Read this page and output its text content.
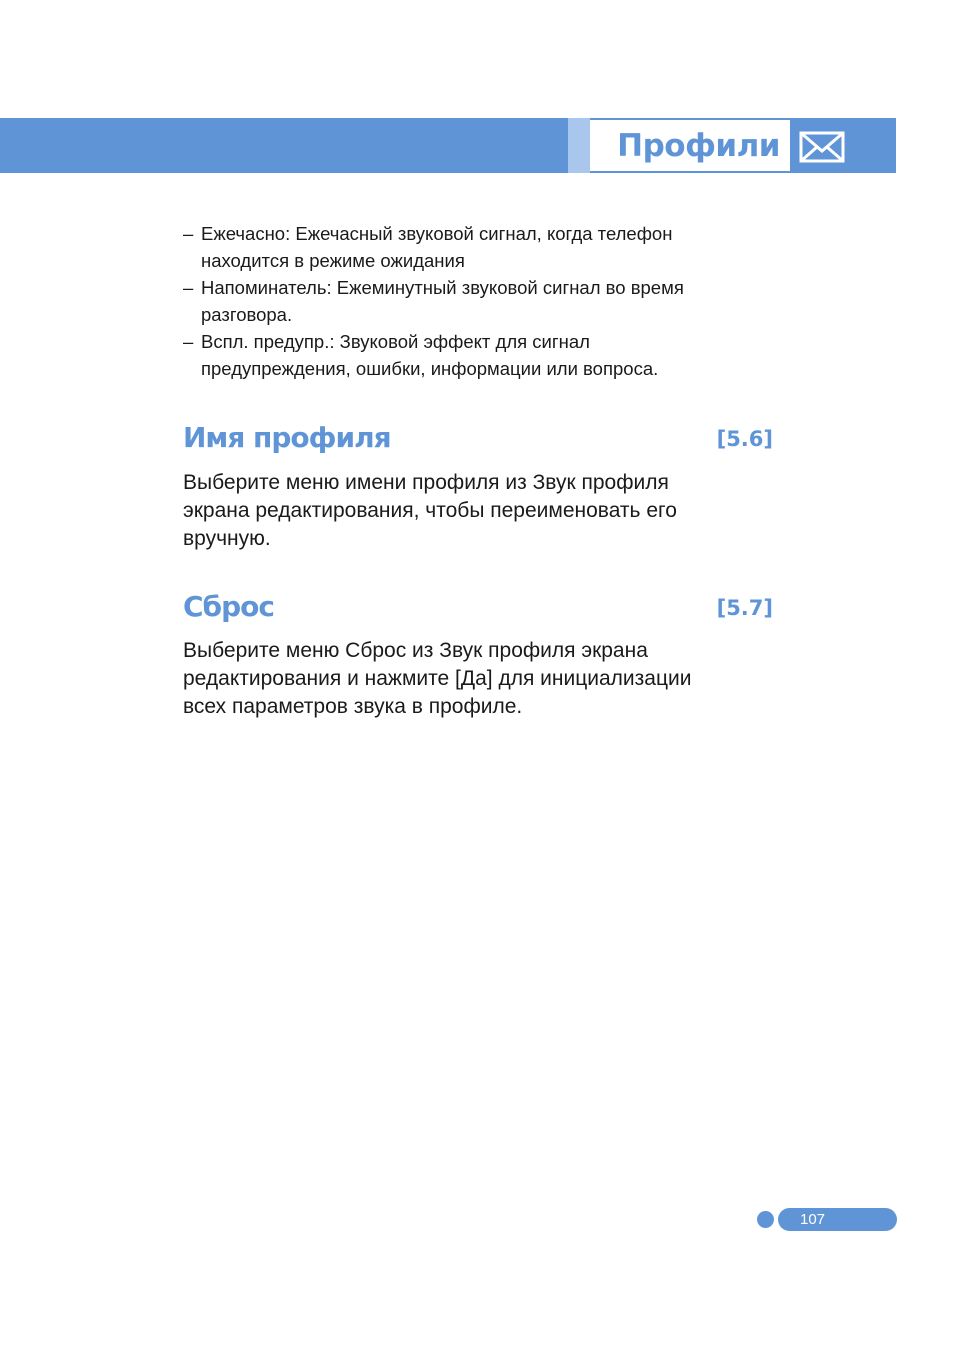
Профили
– Ежечасно: Ежечасный звуковой сигнал, когда телефон
находится в режиме ожидания
– Напоминатель: Ежеминутный звуковой сигнал во время
разговора.
– Вспл. предупр.: Звуковой эффект для сигнал
предупреждения, ошибки, информации или вопроса.
Имя профиля	[5.6]

Выберите меню имени профиля из Звук профиля
экрана редактирования, чтобы переименовать его
вручную.

Сброс	[5.7]

Выберите меню Сброс из Звук профиля экрана
редактирования и нажмите [Да] для инициализации
всех параметров звука в профиле.

107
